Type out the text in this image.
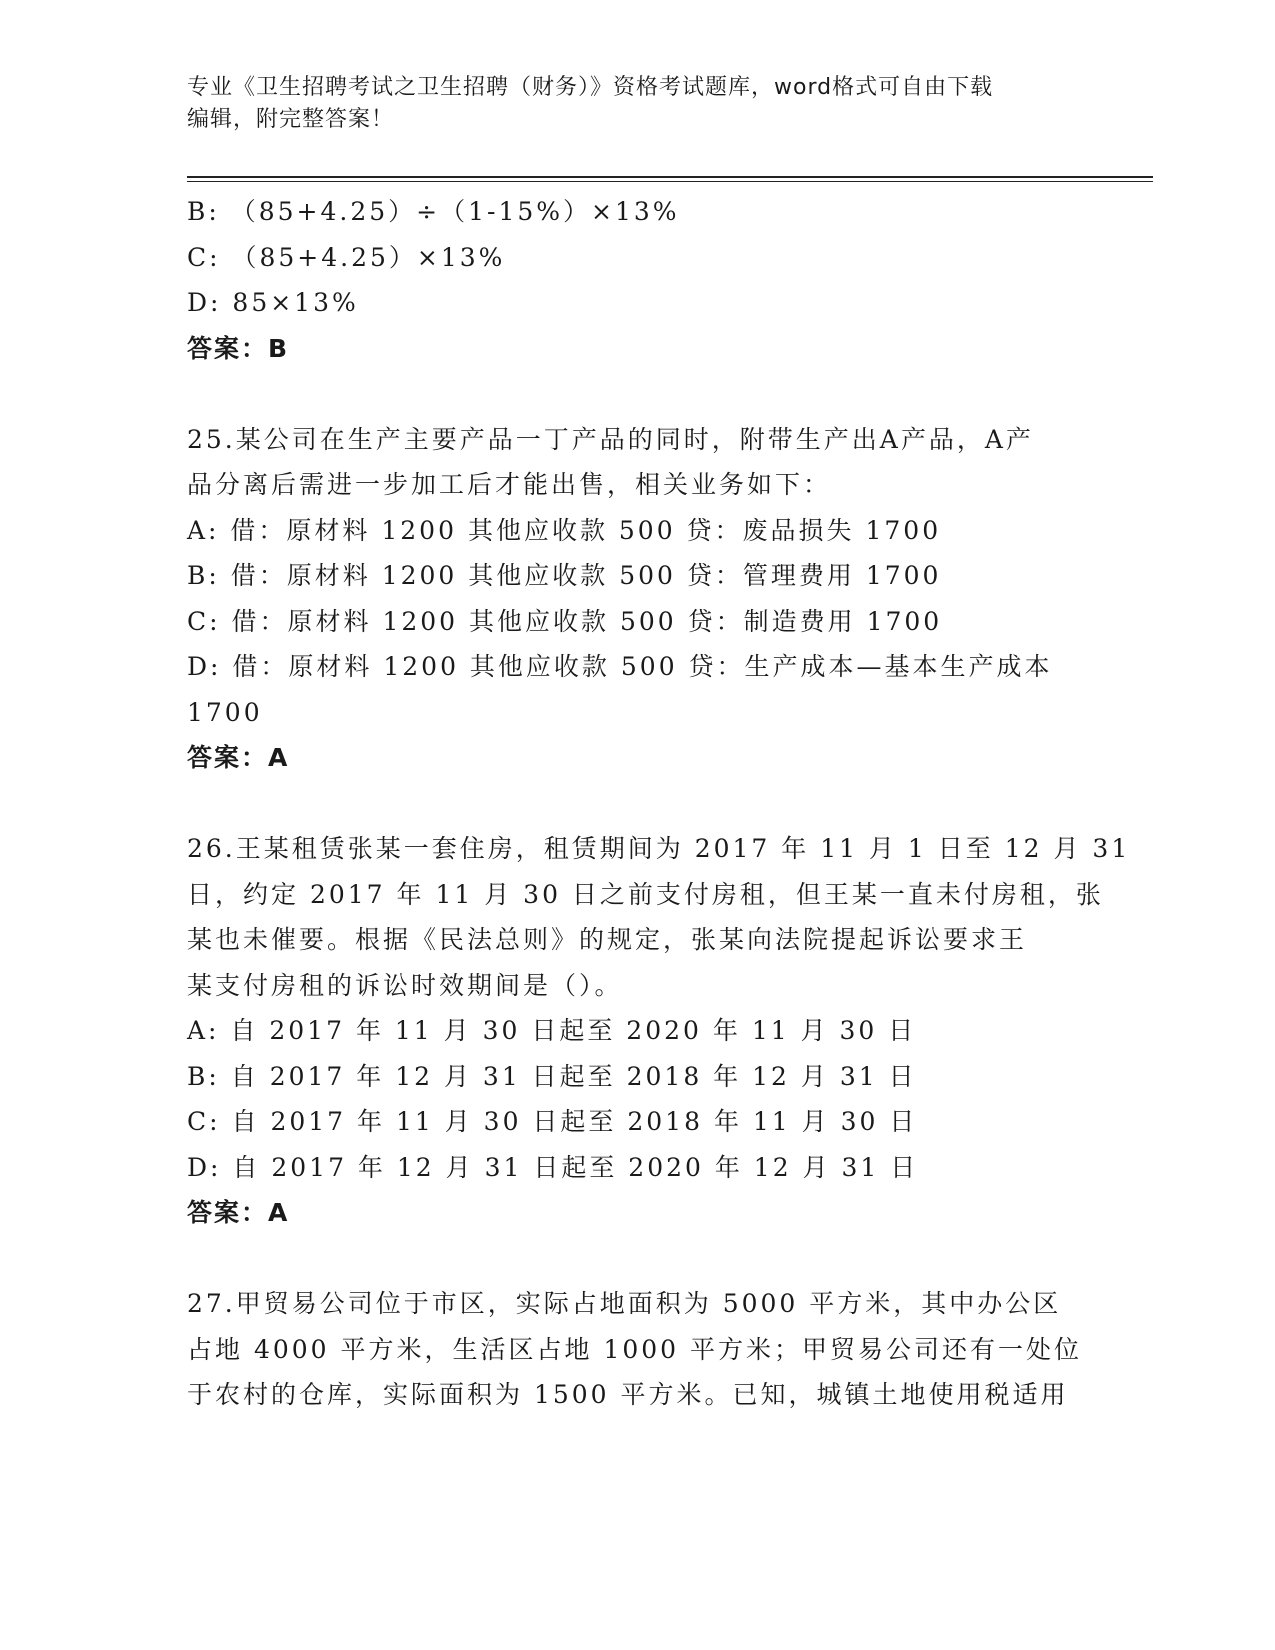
专业《卫生招聘考试之卫生招聘（财务）》资格考试题库，word格式可自由下载
编辑，附完整答案！
B: （85+4.25）÷（1-15%）×13%
C: （85+4.25）×13%
D: 85×13%
答案：B
25.某公司在生产主要产品一丁产品的同时，附带生产出A产品，A产
品分离后需进一步加工后才能出售，相关业务如下：
A: 借：原材料 1200 其他应收款 500 贷：废品损失 1700
B: 借：原材料 1200 其他应收款 500 贷：管理费用 1700
C: 借：原材料 1200 其他应收款 500 贷：制造费用 1700
D: 借：原材料 1200 其他应收款 500 贷：生产成本—基本生产成本
1700
答案：A
26.王某租赁张某一套住房，租赁期间为 2017 年 11 月 1 日至 12 月 31
日，约定 2017 年 11 月 30 日之前支付房租，但王某一直未付房租，张
某也未催要。根据《民法总则》的规定，张某向法院提起诉讼要求王
某支付房租的诉讼时效期间是（）。
A: 自 2017 年 11 月 30 日起至 2020 年 11 月 30 日
B: 自 2017 年 12 月 31 日起至 2018 年 12 月 31 日
C: 自 2017 年 11 月 30 日起至 2018 年 11 月 30 日
D: 自 2017 年 12 月 31 日起至 2020 年 12 月 31 日
答案：A
27.甲贸易公司位于市区，实际占地面积为 5000 平方米，其中办公区
占地 4000 平方米，生活区占地 1000 平方米；甲贸易公司还有一处位
于农村的仓库，实际面积为 1500 平方米。已知，城镇土地使用税适用
